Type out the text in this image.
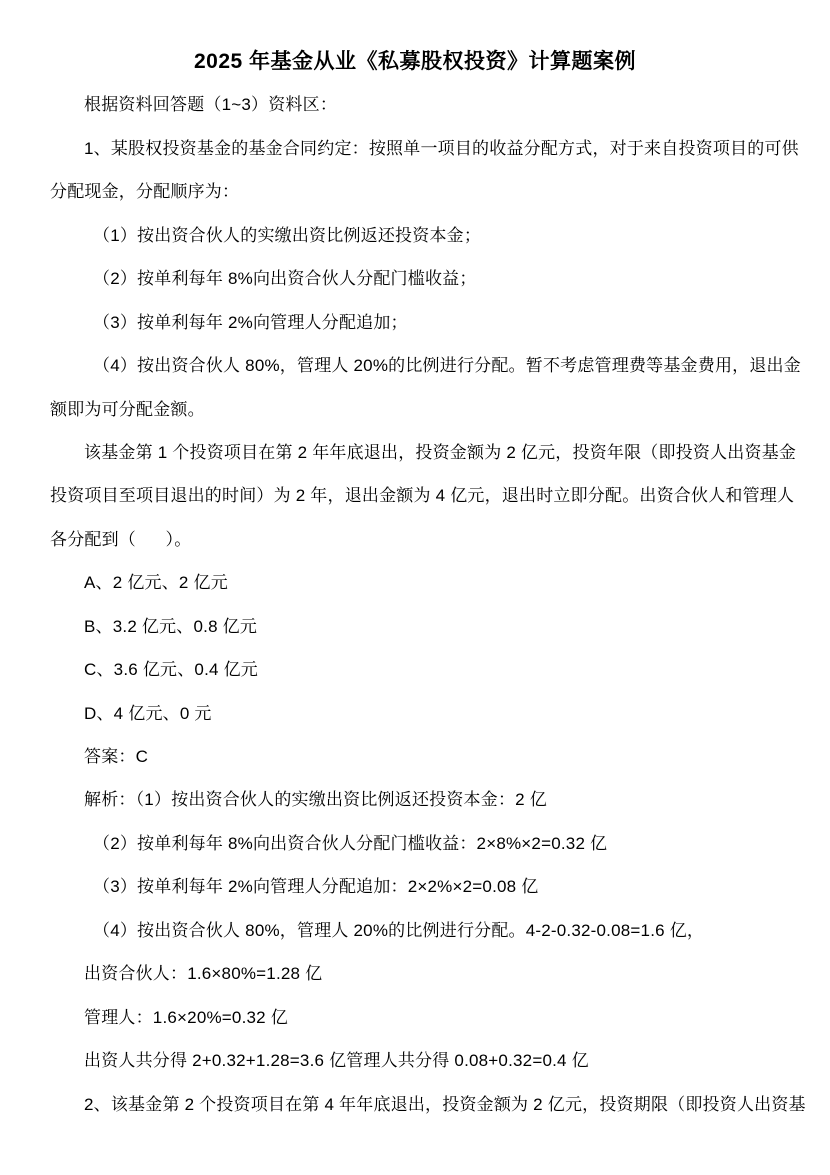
2025 年基金从业《私募股权投资》计算题案例
根据资料回答题（1~3）资料区：
1、某股权投资基金的基金合同约定：按照单一项目的收益分配方式，对于来自投资项目的可供
分配现金，分配顺序为：
（1）按出资合伙人的实缴出资比例返还投资本金；
（2）按单利每年 8%向出资合伙人分配门槛收益；
（3）按单利每年 2%向管理人分配追加；
（4）按出资合伙人 80%，管理人 20%的比例进行分配。暂不考虑管理费等基金费用，退出金
额即为可分配金额。
该基金第 1 个投资项目在第 2 年年底退出，投资金额为 2 亿元，投资年限（即投资人出资基金
投资项目至项目退出的时间）为 2 年，退出金额为 4 亿元，退出时立即分配。出资合伙人和管理人
各分配到（      ）。
A、2 亿元、2 亿元
B、3.2 亿元、0.8 亿元
C、3.6 亿元、0.4 亿元
D、4 亿元、0 元
答案：C
解析：（1）按出资合伙人的实缴出资比例返还投资本金：2 亿
（2）按单利每年 8%向出资合伙人分配门槛收益：2×8%×2=0.32 亿
（3）按单利每年 2%向管理人分配追加：2×2%×2=0.08 亿
（4）按出资合伙人 80%，管理人 20%的比例进行分配。4-2-0.32-0.08=1.6 亿，
出资合伙人：1.6×80%=1.28 亿
管理人：1.6×20%=0.32 亿
出资人共分得 2+0.32+1.28=3.6 亿管理人共分得 0.08+0.32=0.4 亿
2、该基金第 2 个投资项目在第 4 年年底退出，投资金额为 2 亿元，投资期限（即投资人出资基
